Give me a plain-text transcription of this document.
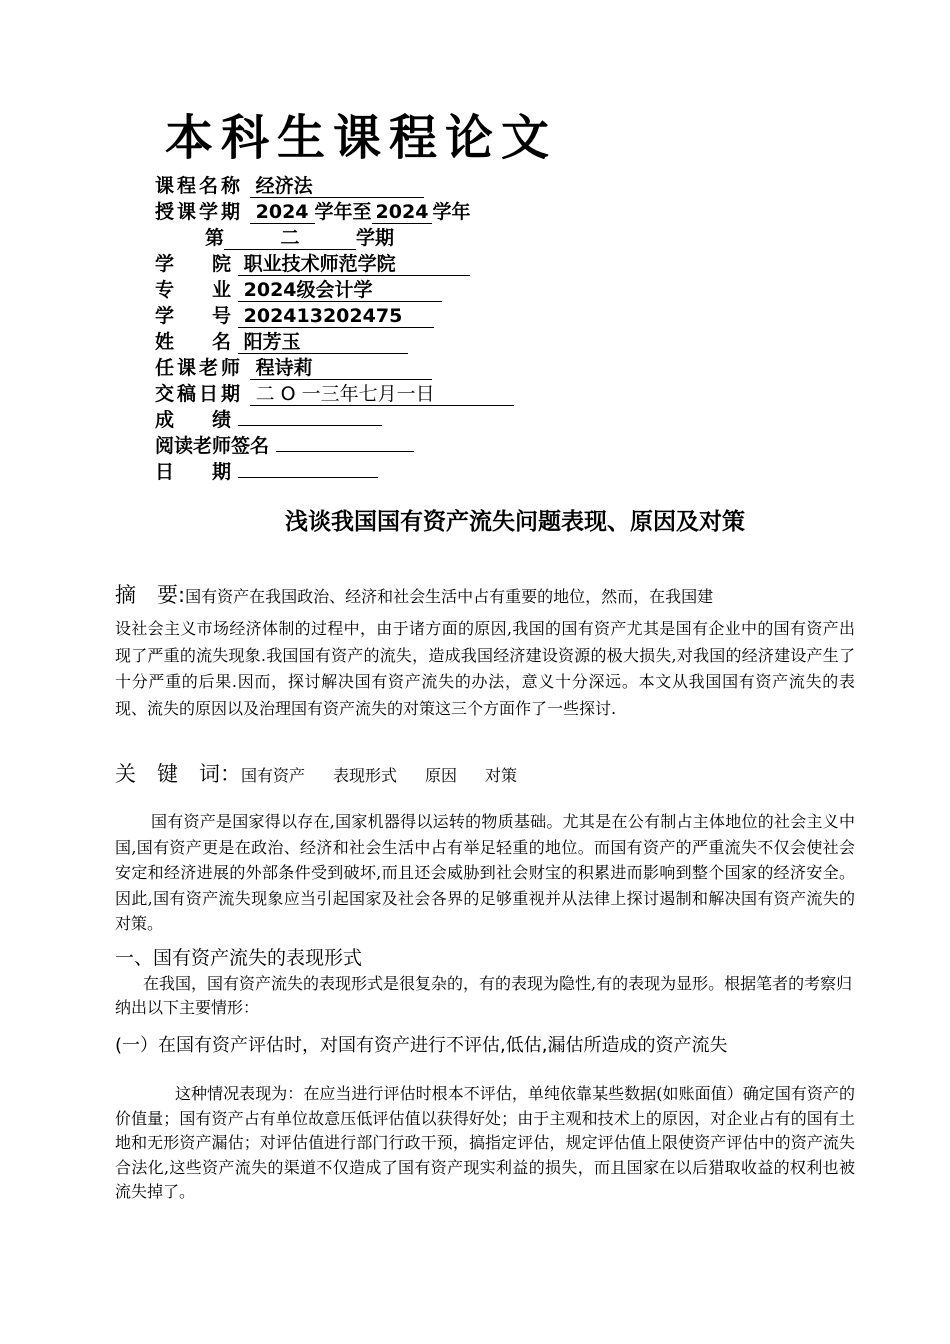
本科生课程论文
课程名称 经济法
授课学期 2024 学年至 2024 学年
第	二	学期
学　　院 职业技术师范学院
专　　业 2024级会计学
学　　号 202413202475
姓　　名 阳芳玉
任课老师 程诗莉
交稿日期 二 О 一三年七月一日
成　　绩
阅读老师签名
日　　期
浅谈我国国有资产流失问题表现、原因及对策
摘　要:国有资产在我国政治、经济和社会生活中占有重要的地位，然而，在我国建
设社会主义市场经济体制的过程中，由于诸方面的原因,我国的国有资产尤其是国有企业中的国有资产出现了严重的流失现象.我国国有资产的流失，造成我国经济建设资源的极大损失,对我国的经济建设产生了十分严重的后果.因而，探讨解决国有资产流失的办法，意义十分深远。本文从我国国有资产流失的表现、流失的原因以及治理国有资产流失的对策这三个方面作了一些探讨.
关　键　词：国有资产 表现形式 原因 对策
国有资产是国家得以存在,国家机器得以运转的物质基础。尤其是在公有制占主体地位的社会主义中国,国有资产更是在政治、经济和社会生活中占有举足轻重的地位。而国有资产的严重流失不仅会使社会安定和经济进展的外部条件受到破坏,而且还会威胁到社会财宝的积累进而影响到整个国家的经济安全。因此,国有资产流失现象应当引起国家及社会各界的足够重视并从法律上探讨遏制和解决国有资产流失的对策。
一、国有资产流失的表现形式
在我国，国有资产流失的表现形式是很复杂的，有的表现为隐性,有的表现为显形。根据笔者的考察归纳出以下主要情形：
(一）在国有资产评估时，对国有资产进行不评估,低估,漏估所造成的资产流失
这种情况表现为：在应当进行评估时根本不评估，单纯依靠某些数据(如账面值）确定国有资产的价值量；国有资产占有单位故意压低评估值以获得好处；由于主观和技术上的原因，对企业占有的国有土地和无形资产漏估；对评估值进行部门行政干预，搞指定评估，规定评估值上限使资产评估中的资产流失合法化,这些资产流失的渠道不仅造成了国有资产现实利益的损失，而且国家在以后猎取收益的权利也被流失掉了。
